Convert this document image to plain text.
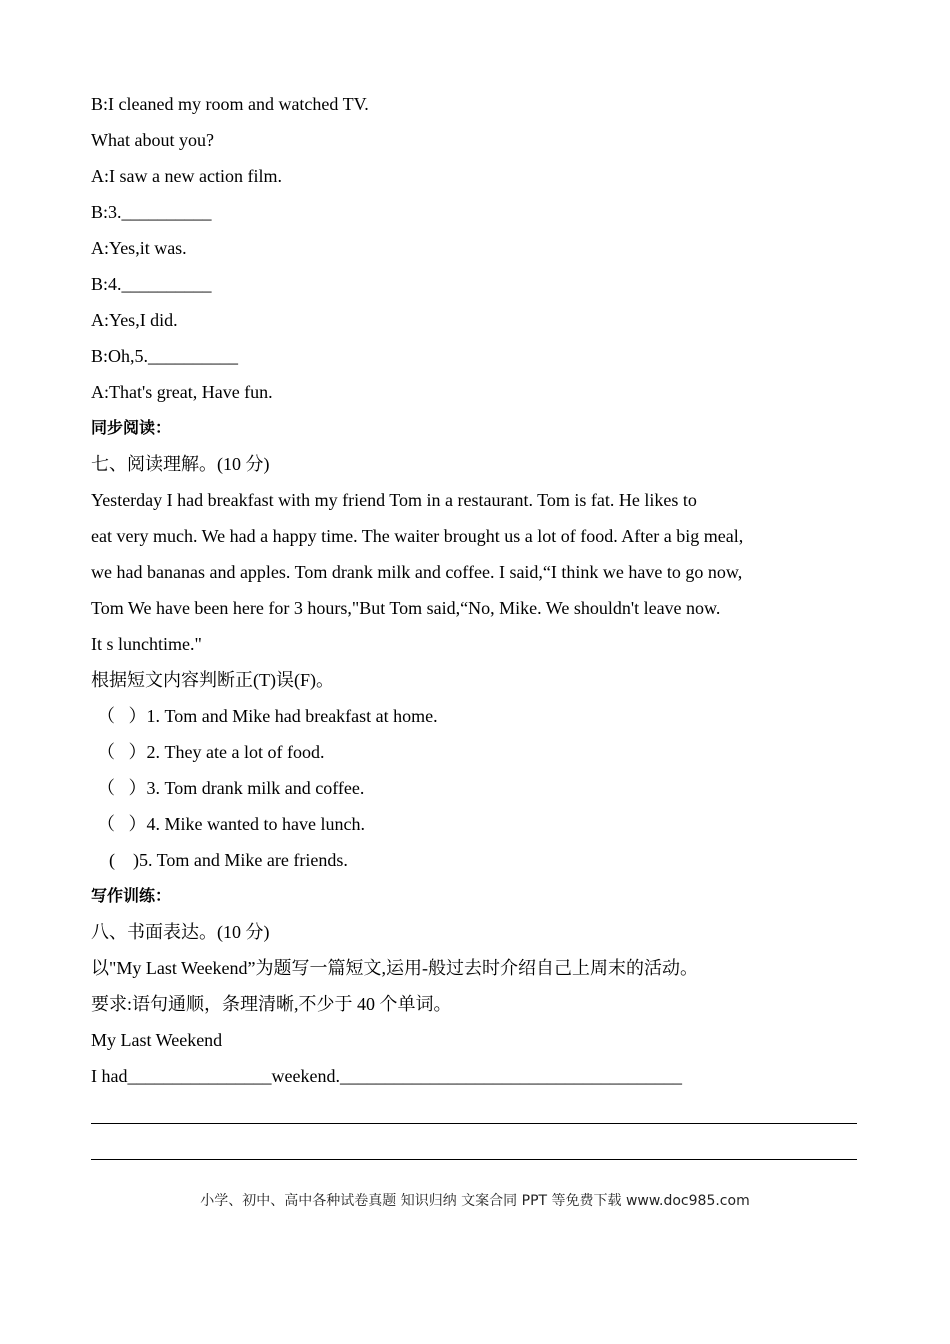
B:I cleaned my room and watched TV.
What about you?
A:I saw a new action film.
B:3.__________
A:Yes,it was.
B:4.__________
A:Yes,I did.
B:Oh,5.__________
A:That's great, Have fun.
同步阅读：
七、阅读理解。(10 分)
Yesterday I had breakfast with my friend Tom in a restaurant. Tom is fat. He likes to
eat very much. We had a happy time. The waiter brought us a lot of food. After a big meal,
we had bananas and apples. Tom drank milk and coffee. I said,“I think we have to go now,
Tom We have been here for 3 hours,"But Tom said,“No, Mike. We shouldn't leave now.
It s lunchtime."
根据短文内容判断正(T)误(F)。
（   ）1. Tom and Mike had breakfast at home.
（   ）2. They ate a lot of food.
（   ）3. Tom drank milk and coffee.
（   ）4. Mike wanted to have lunch.
(    )5. Tom and Mike are friends.
写作训练：
八、书面表达。(10 分)
以"My Last Weekend”为题写一篇短文,运用-般过去时介绍自己上周末的活动。
要求:语句通顺，条理清晰,不少于 40 个单词。
My Last Weekend
I had________________weekend.______________________________________
小学、初中、高中各种试卷真题 知识归纳 文案合同 PPT 等免费下载 www.doc985.com
